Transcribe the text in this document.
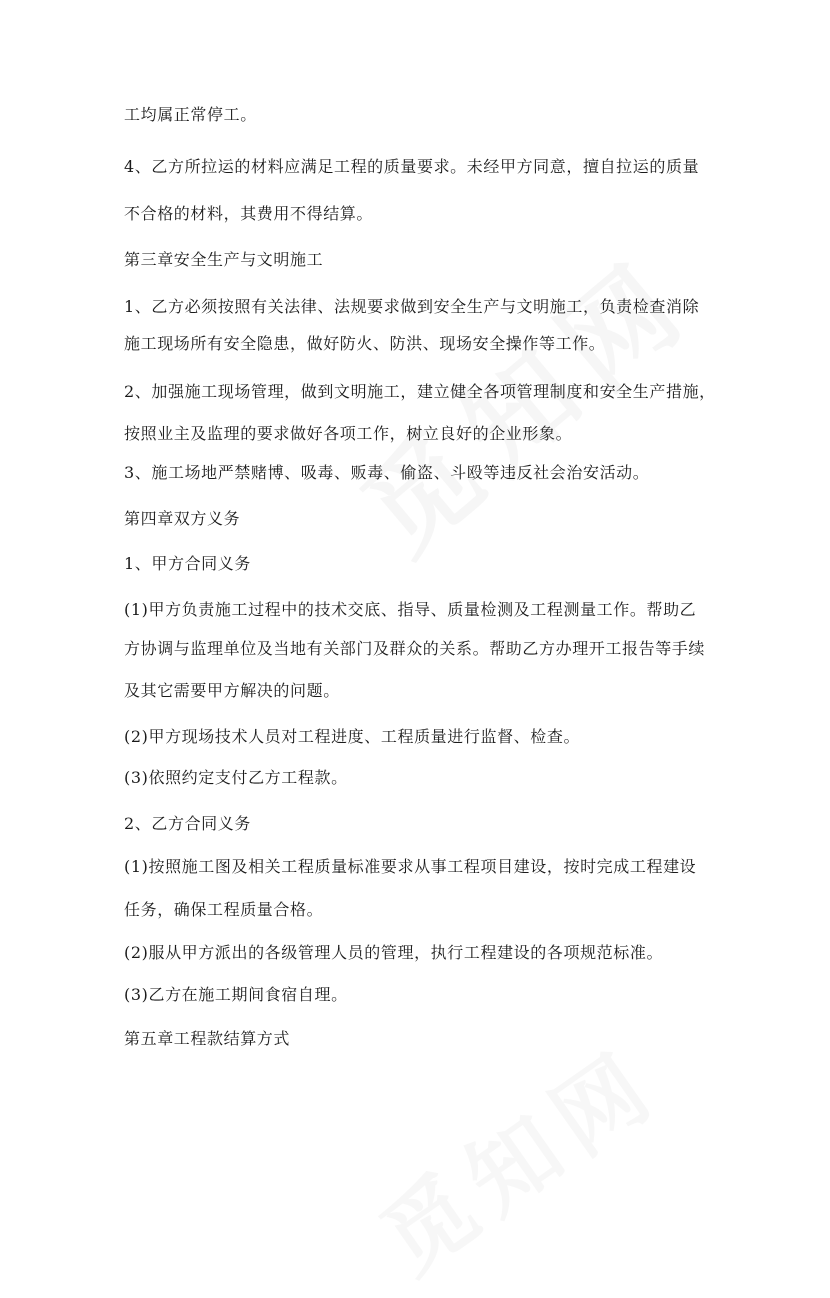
工均属正常停工。
4、乙方所拉运的材料应满足工程的质量要求。未经甲方同意，擅自拉运的质量
不合格的材料，其费用不得结算。
第三章安全生产与文明施工
1、乙方必须按照有关法律、法规要求做到安全生产与文明施工，负责检查消除
施工现场所有安全隐患，做好防火、防洪、现场安全操作等工作。
2、加强施工现场管理，做到文明施工，建立健全各项管理制度和安全生产措施，
按照业主及监理的要求做好各项工作，树立良好的企业形象。
3、施工场地严禁赌博、吸毒、贩毒、偷盗、斗殴等违反社会治安活动。
第四章双方义务
1、甲方合同义务
(1)甲方负责施工过程中的技术交底、指导、质量检测及工程测量工作。帮助乙
方协调与监理单位及当地有关部门及群众的关系。帮助乙方办理开工报告等手续
及其它需要甲方解决的问题。
(2)甲方现场技术人员对工程进度、工程质量进行监督、检查。
(3)依照约定支付乙方工程款。
2、乙方合同义务
(1)按照施工图及相关工程质量标准要求从事工程项目建设，按时完成工程建设
任务，确保工程质量合格。
(2)服从甲方派出的各级管理人员的管理，执行工程建设的各项规范标准。
(3)乙方在施工期间食宿自理。
第五章工程款结算方式
